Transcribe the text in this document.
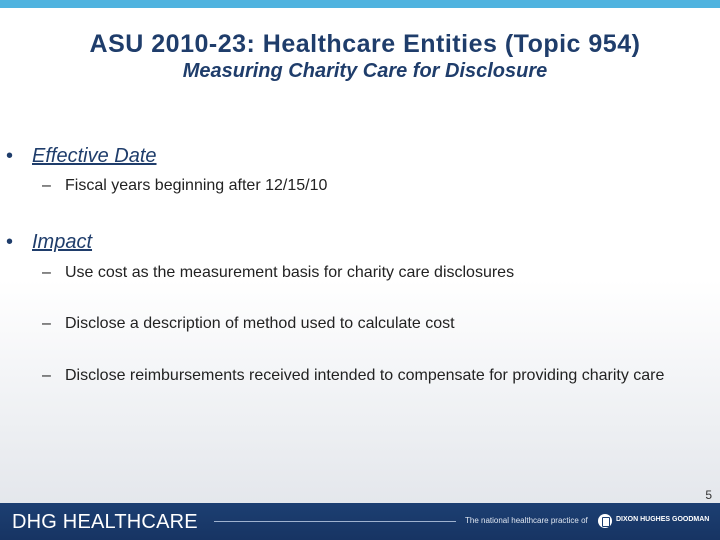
ASU 2010-23: Healthcare Entities (Topic 954)
Measuring Charity Care for Disclosure
• Effective Date
– Fiscal years beginning after 12/15/10
• Impact
– Use cost as the measurement basis for charity care disclosures
– Disclose a description of method used to calculate cost
– Disclose reimbursements received intended to compensate for providing charity care
5
DHG HEALTHCARE	The national healthcare practice of	DIXON HUGHES GOODMAN
